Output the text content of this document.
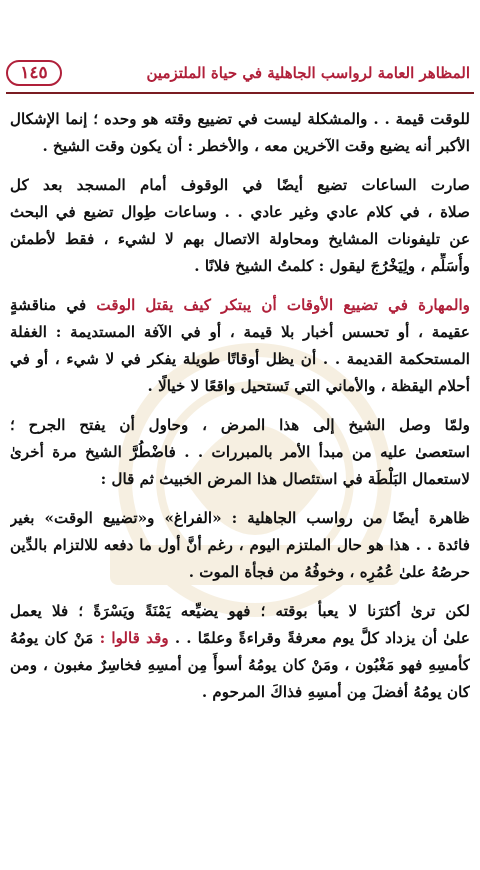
المظاهر العامة لرواسب الجاهلية في حياة الملتزمين
١٤٥
للوقت قيمة . . والمشكلة ليست في تضييع وقته هو وحده ؛ إنما الإشكال
الأكبر أنه يضيع وقت الآخرين معه ، والأخطر : أن يكون وقت الشيخ .
صارت الساعات تضيع أيضًا في الوقوف أمام المسجد بعد كل
صلاة ، في كلام عادي وغير عادي . . وساعات طِوال تضيع في البحث
عن تليفونات المشايخ ومحاولة الاتصال بهم لا لشيء ، فقط لأطمئن
وأُسَلِّم ، ولِيَخْرُجَ ليقول : كلمتُ الشيخ فلانًا .
والمهارة في تضييع الأوقات أن يبتكر كيف يقتل الوقت في مناقشةٍ
عقيمة ، أو تحسس أخبار بلا قيمة ، أو في الآفة المستديمة : الغفلة
المستحكمة القديمة . . أن يظل أوقاتًا طويلة يفكر في لا شيء ، أو في
أحلام اليقظة ، والأماني التي تَستحيل واقعًا لا خيالًا .
ولمّا وصل الشيخ إلى هذا المرض ، وحاول أن يفتح الجرح ؛
استعصىٰ عليه من مبدأ الأمر بالمبررات . . فاضْطُرَّ الشيخ مرة أخرىٰ
لاستعمال البَلْطَة في استئصال هذا المرض الخبيث ثم قال :
ظاهرة أيضًا من رواسب الجاهلية : «الفراغ» و«تضييع الوقت» بغير
فائدة . . هذا هو حال الملتزم اليوم ، رغم أنَّ أول ما دفعه للالتزام بالدِّين
حرصُهُ علىٰ عُمُرِه ، وخوفُهُ من فجأة الموت .
لكن ترىٰ أكثرَنا لا يعبأ بوقته ؛ فهو يضيِّعه يَمْنَةً ويَسْرَةً ؛ فلا يعمل
علىٰ أن يزداد كلَّ يوم معرفةً وقراءةً وعلمًا . . وقد قالوا : مَنْ كان يومُهُ
كأمسِهِ فهو مَغْبُون ، ومَنْ كان يومُهُ أسوأَ مِن أمسِهِ فخاسِرٌ مغبون ، ومن
كان يومُهُ أفضلَ مِن أمسِهِ فذاكَ المرحوم .
